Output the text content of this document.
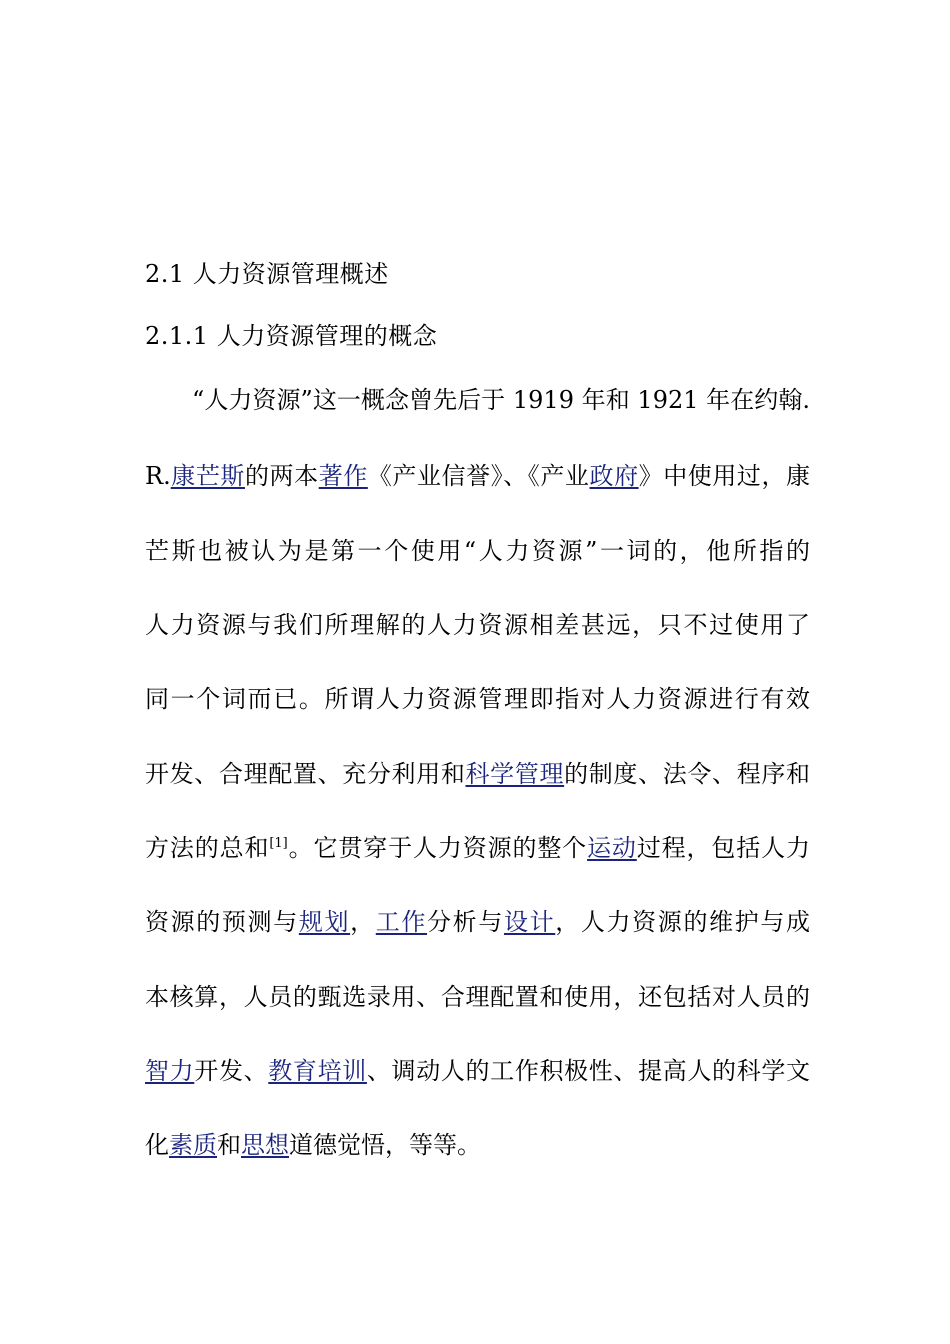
2.1 人力资源管理概述
2.1.1 人力资源管理的概念
“人力资源”这一概念曾先后于 1919 年和 1921 年在约翰.
R.康芒斯的两本著作《产业信誉》、《产业政府》中使用过，康
芒斯也被认为是第一个使用“人力资源”一词的，他所指的
人力资源与我们所理解的人力资源相差甚远，只不过使用了
同一个词而已。所谓人力资源管理即指对人力资源进行有效
开发、合理配置、充分利用和科学管理的制度、法令、程序和
方法的总和[1]。它贯穿于人力资源的整个运动过程，包括人力
资源的预测与规划，工作分析与设计，人力资源的维护与成
本核算，人员的甄选录用、合理配置和使用，还包括对人员的
智力开发、教育培训、调动人的工作积极性、提高人的科学文
化素质和思想道德觉悟，等等。
